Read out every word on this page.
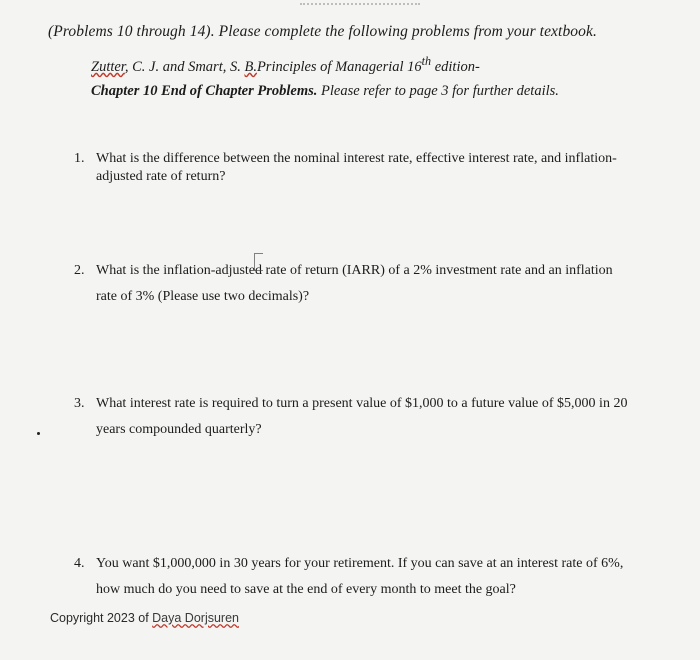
(Problems 10 through 14). Please complete the following problems from your textbook.
Zutter, C. J. and Smart, S. B.Principles of Managerial 16th edition-
Chapter 10 End of Chapter Problems. Please refer to page 3 for further details.
1. What is the difference between the nominal interest rate, effective interest rate, and inflation-adjusted rate of return?
2. What is the inflation-adjusted rate of return (IARR) of a 2% investment rate and an inflation rate of 3% (Please use two decimals)?
3. What interest rate is required to turn a present value of $1,000 to a future value of $5,000 in 20 years compounded quarterly?
4. You want $1,000,000 in 30 years for your retirement. If you can save at an interest rate of 6%, how much do you need to save at the end of every month to meet the goal?
Copyright 2023 of Daya Dorjsuren
